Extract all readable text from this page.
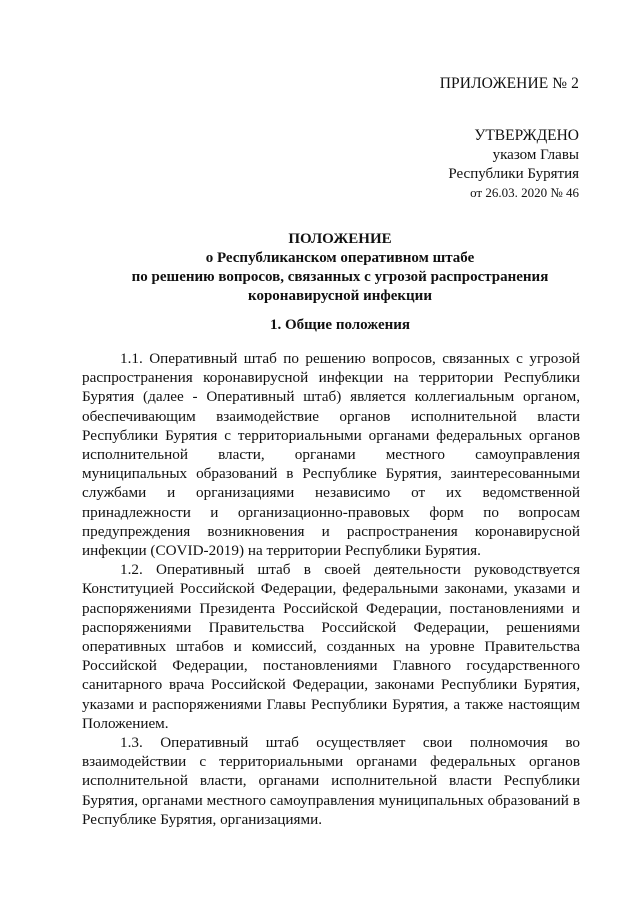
ПРИЛОЖЕНИЕ № 2
УТВЕРЖДЕНО
указом Главы
Республики Бурятия
от 26.03. 2020 № 46
ПОЛОЖЕНИЕ
о Республиканском оперативном штабе
по решению вопросов, связанных с угрозой распространения
коронавирусной инфекции
1. Общие положения

1.1. Оперативный штаб по решению вопросов, связанных с угрозой распространения коронавирусной инфекции на территории Республики Бурятия (далее - Оперативный штаб) является коллегиальным органом, обеспечивающим взаимодействие органов исполнительной власти Республики Бурятия с территориальными органами федеральных органов исполнительной власти, органами местного самоуправления муниципальных образований в Республике Бурятия, заинтересованными службами и организациями независимо от их ведомственной принадлежности и организационно-правовых форм по вопросам предупреждения возникновения и распространения коронавирусной инфекции (COVID-2019) на территории Республики Бурятия.

1.2. Оперативный штаб в своей деятельности руководствуется Конституцией Российской Федерации, федеральными законами, указами и распоряжениями Президента Российской Федерации, постановлениями и распоряжениями Правительства Российской Федерации, решениями оперативных штабов и комиссий, созданных на уровне Правительства Российской Федерации, постановлениями Главного государственного санитарного врача Российской Федерации, законами Республики Бурятия, указами и распоряжениями Главы Республики Бурятия, а также настоящим Положением.

1.3. Оперативный штаб осуществляет свои полномочия во взаимодействии с территориальными органами федеральных органов исполнительной власти, органами исполнительной власти Республики Бурятия, органами местного самоуправления муниципальных образований в Республике Бурятия, организациями.
